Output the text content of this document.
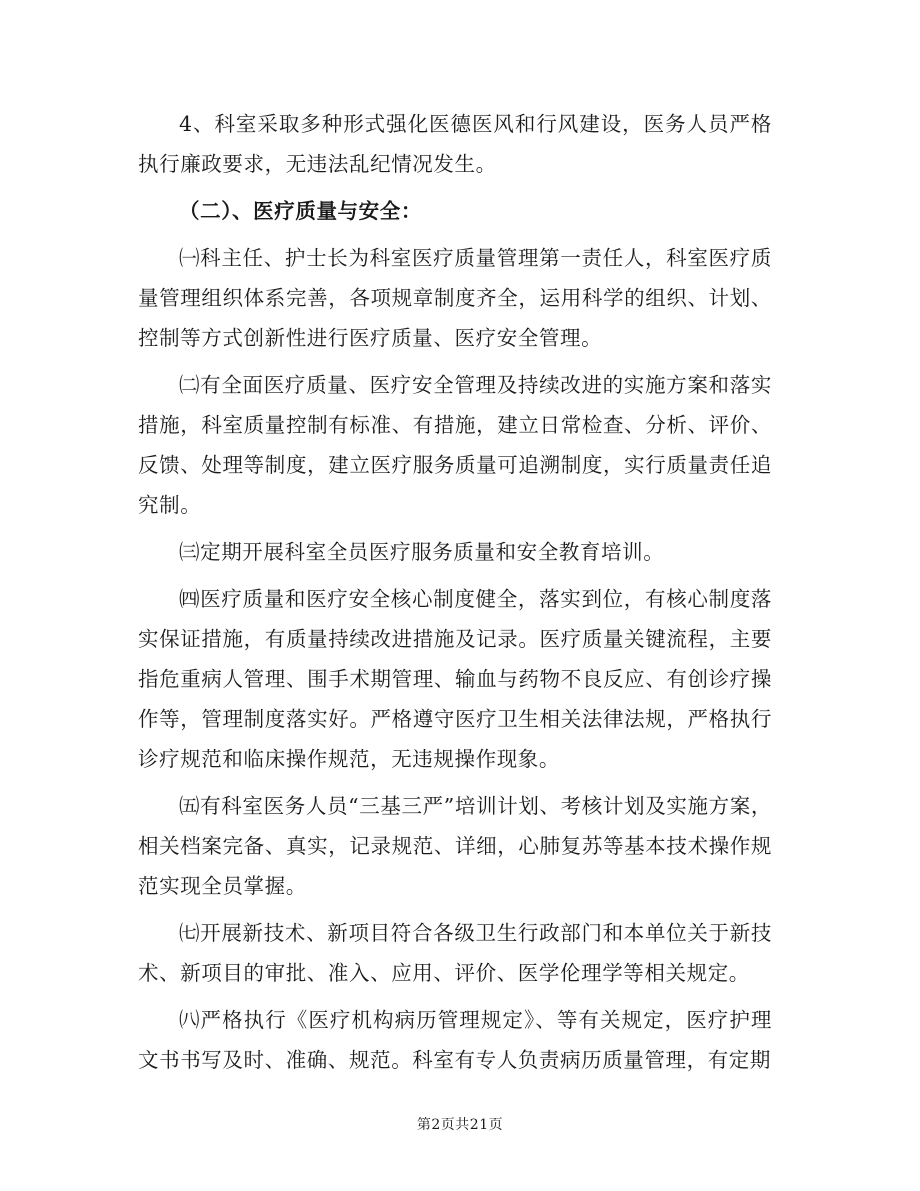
4、科室采取多种形式强化医德医风和行风建设，医务人员严格执行廉政要求，无违法乱纪情况发生。

（二）、医疗质量与安全：

㈠科主任、护士长为科室医疗质量管理第一责任人，科室医疗质量管理组织体系完善，各项规章制度齐全，运用科学的组织、计划、控制等方式创新性进行医疗质量、医疗安全管理。

㈡有全面医疗质量、医疗安全管理及持续改进的实施方案和落实措施，科室质量控制有标准、有措施，建立日常检查、分析、评价、反馈、处理等制度，建立医疗服务质量可追溯制度，实行质量责任追究制。

㈢定期开展科室全员医疗服务质量和安全教育培训。

㈣医疗质量和医疗安全核心制度健全，落实到位，有核心制度落实保证措施，有质量持续改进措施及记录。医疗质量关键流程，主要指危重病人管理、围手术期管理、输血与药物不良反应、有创诊疗操作等，管理制度落实好。严格遵守医疗卫生相关法律法规，严格执行诊疗规范和临床操作规范，无违规操作现象。

㈤有科室医务人员“三基三严”培训计划、考核计划及实施方案，相关档案完备、真实，记录规范、详细，心肺复苏等基本技术操作规范实现全员掌握。

㈦开展新技术、新项目符合各级卫生行政部门和本单位关于新技术、新项目的审批、准入、应用、评价、医学伦理学等相关规定。

㈧严格执行《医疗机构病历管理规定》、等有关规定，医疗护理文书书写及时、准确、规范。科室有专人负责病历质量管理，有定期

第2页共21页
